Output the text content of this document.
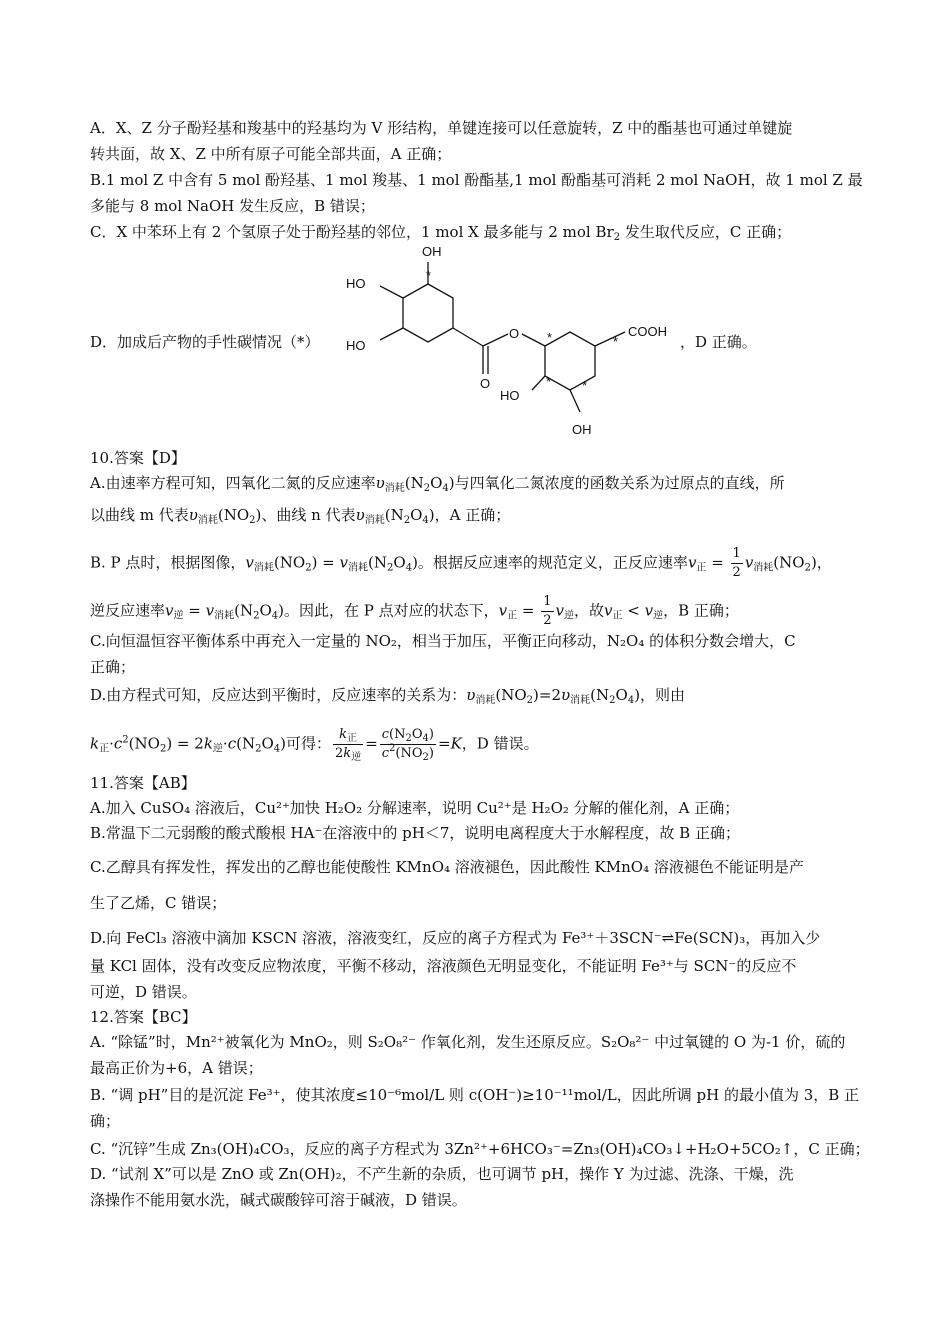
A．X、Z 分子酚羟基和羧基中的羟基均为 V 形结构，单键连接可以任意旋转，Z 中的酯基也可通过单键旋
转共面，故 X、Z 中所有原子可能全部共面，A 正确；
B.1 mol Z 中含有 5 mol 酚羟基、1 mol 羧基、1 mol 酚酯基,1 mol 酚酯基可消耗 2 mol NaOH，故 1 mol Z 最
多能与 8 mol NaOH 发生反应，B 错误；
C．X 中苯环上有 2 个氢原子处于酚羟基的邻位，1 mol X 最多能与 2 mol $Br_2$ 发生取代反应，C 正确；
D．加成后产物的手性碳情况（*）
OH
HO
HO
O
O
COOH
HO
OH
*
*	*
* *
，D 正确。
10.答案【D】
A.由速率方程可知，四氧化二氮的反应速率$\upsilon_{消耗}(N_2O_4)$与四氧化二氮浓度的函数关系为过原点的直线，所
以曲线 m 代表$\upsilon_{消耗}(NO_2)$、曲线 n 代表$\upsilon_{消耗}(N_2O_4)$，A 正确；
B. P 点时，根据图像，$v_{消耗}(NO_2) = v_{消耗}(N_2O_4)$。根据反应速率的规范定义，正反应速率$v_正 = \frac{1}{2} v_{消耗}(NO_2)$，
逆反应速率$v_逆 = v_{消耗}(N_2O_4)$。因此，在 P 点对应的状态下，$v_正 = \frac{1}{2} v_逆$，故$v_正 < v_逆$，B 正确；
C.向恒温恒容平衡体系中再充入一定量的 NO₂，相当于加压，平衡正向移动，N₂O₄ 的体积分数会增大，C
正确；
D.由方程式可知，反应达到平衡时，反应速率的关系为：$\upsilon_{消耗}(NO_2)=2\upsilon_{消耗}(N_2O_4)$，则由
$k_正\cdot c^2(NO_2) = 2k_逆\cdot c(N_2O_4)$可得： $\frac{k_正}{2k_逆} = \frac{c(N_2O_4)}{c^2(NO_2)} =K$，D 错误。
11.答案【AB】
A.加入 CuSO₄ 溶液后，Cu²⁺加快 H₂O₂ 分解速率，说明 Cu²⁺是 H₂O₂ 分解的催化剂，A 正确；
B.常温下二元弱酸的酸式酸根 HA⁻在溶液中的 pH＜7，说明电离程度大于水解程度，故 B 正确；
C.乙醇具有挥发性，挥发出的乙醇也能使酸性 KMnO₄ 溶液褪色，因此酸性 KMnO₄ 溶液褪色不能证明是产
生了乙烯，C 错误；
D.向 FeCl₃ 溶液中滴加 KSCN 溶液，溶液变红，反应的离子方程式为 Fe³⁺＋3SCN⁻⇌Fe(SCN)₃，再加入少
量 KCl 固体，没有改变反应物浓度，平衡不移动，溶液颜色无明显变化，不能证明 Fe³⁺与 SCN⁻的反应不
可逆，D 错误。
12.答案【BC】
A. “除锰”时，Mn²⁺被氧化为 MnO₂，则 S₂O₈²⁻ 作氧化剂，发生还原反应。S₂O₈²⁻ 中过氧键的 O 为-1 价，硫的
最高正价为+6，A 错误；
B. “调 pH”目的是沉淀 Fe³⁺，使其浓度≤10⁻⁶mol/L 则 c(OH⁻)≥10⁻¹¹mol/L，因此所调 pH 的最小值为 3，B 正
确；
C. “沉锌”生成 Zn₃(OH)₄CO₃，反应的离子方程式为 3Zn²⁺+6HCO₃⁻=Zn₃(OH)₄CO₃↓+H₂O+5CO₂↑，C 正确；
D. “试剂 X”可以是 ZnO 或 Zn(OH)₂，不产生新的杂质，也可调节 pH，操作 Y 为过滤、洗涤、干燥，洗
涤操作不能用氨水洗，碱式碳酸锌可溶于碱液，D 错误。
